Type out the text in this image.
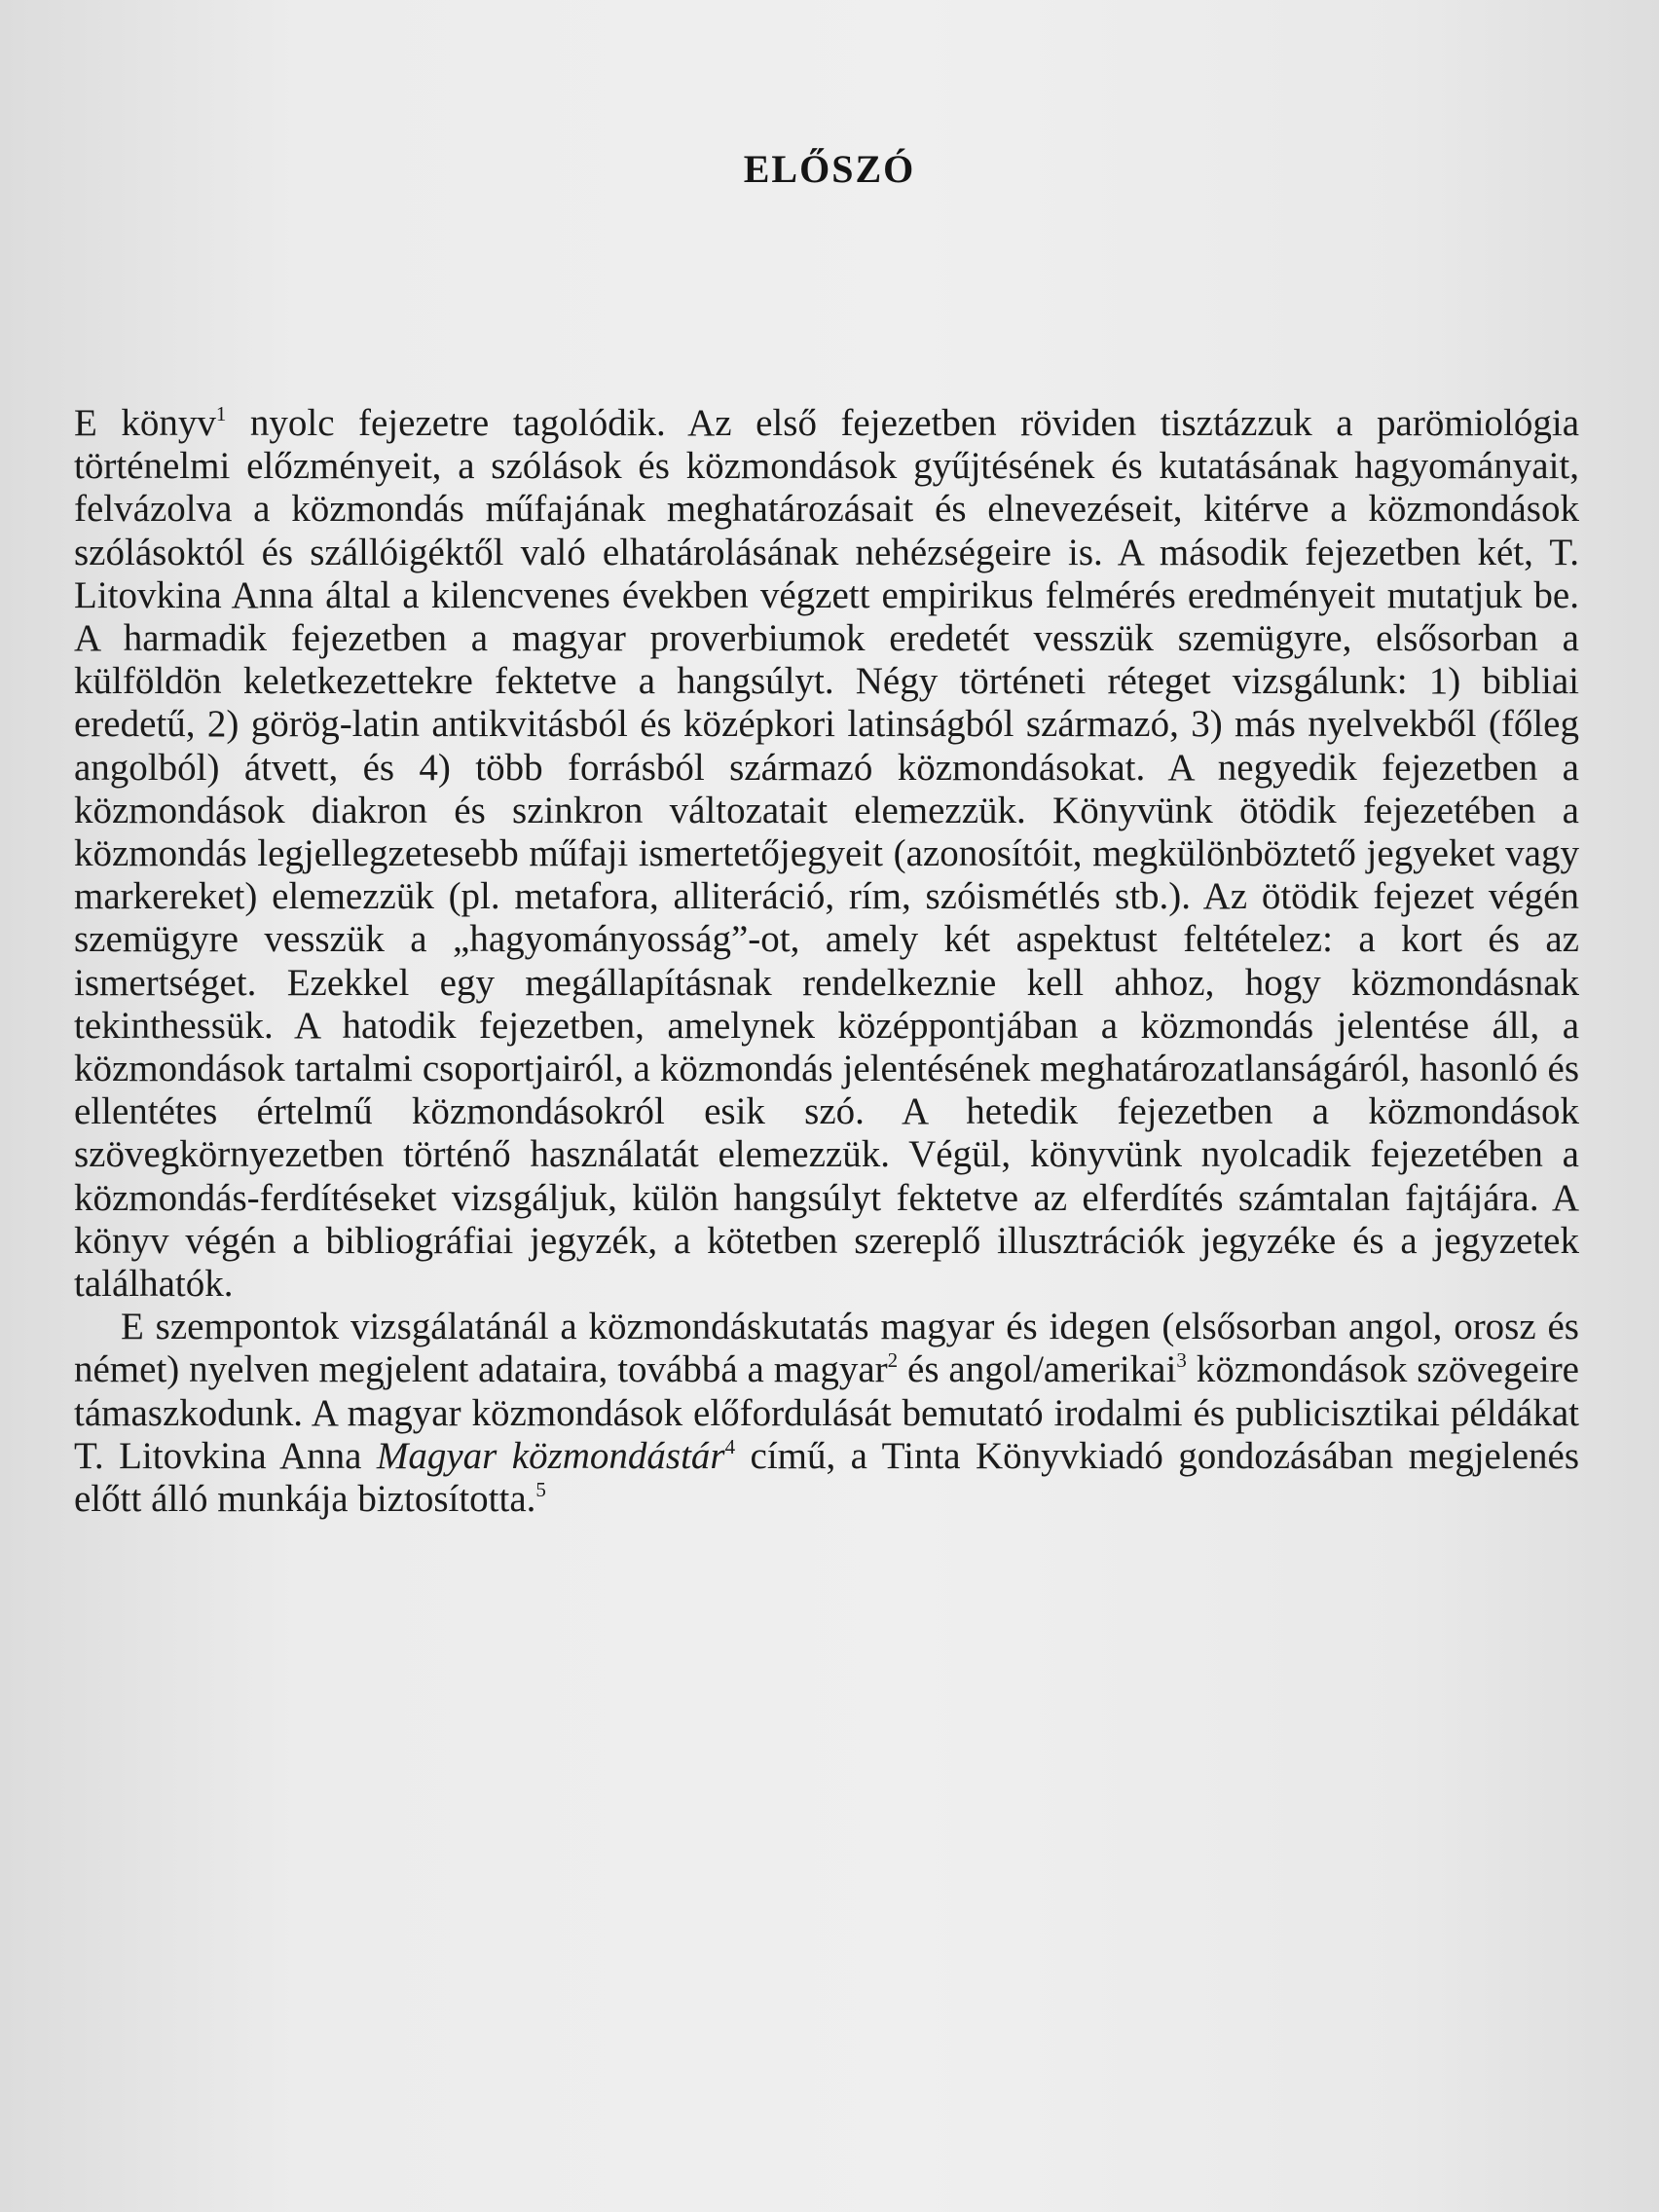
ELŐSZÓ

E könyv$^1$ nyolc fejezetre tagolódik. Az első fejezetben röviden tisztázzuk a parömiológia történelmi előzményeit, a szólások és közmondások gyűjtésének és kutatásának hagyományait, felvázolva a közmondás műfajának meghatározásait és elnevezéseit, kitérve a közmondások szólásoktól és szállóigéktől való elhatárolásának nehézségeire is. A második fejezetben két, T. Litovkina Anna által a kilencvenes években végzett empirikus felmérés eredményeit mutatjuk be. A harmadik fejezetben a magyar proverbiumok eredetét vesszük szemügyre, elsősorban a külföldön keletkezettekre fektetve a hangsúlyt. Négy történeti réteget vizsgálunk: 1) bibliai eredetű, 2) görög-latin antikvitásból és középkori latinságból származó, 3) más nyelvekből (főleg angolból) átvett, és 4) több forrásból származó közmondásokat. A negyedik fejezetben a közmondások diakron és szinkron változatait elemezzük. Könyvünk ötödik fejezetében a közmondás legjellegzetesebb műfaji ismertetőjegyeit (azonosítóit, megkülönböztető jegyeket vagy markereket) elemezzük (pl. metafora, alliteráció, rím, szóismétlés stb.). Az ötödik fejezet végén szemügyre vesszük a „hagyományosság”-ot, amely két aspektust feltételez: a kort és az ismertséget. Ezekkel egy megállapításnak rendelkeznie kell ahhoz, hogy közmondásnak tekinthessük. A hatodik fejezetben, amelynek középpontjában a közmondás jelentése áll, a közmondások tartalmi csoportjairól, a közmondás jelentésének meghatározatlanságáról, hasonló és ellentétes értelmű közmondásokról esik szó. A hetedik fejezetben a közmondások szövegkörnyezetben történő használatát elemezzük. Végül, könyvünk nyolcadik fejezetében a közmondás-ferdítéseket vizsgáljuk, külön hangsúlyt fektetve az elferdítés számtalan fajtájára. A könyv végén a bibliográfiai jegyzék, a kötetben szereplő illusztrációk jegyzéke és a jegyzetek találhatók.

E szempontok vizsgálatánál a közmondáskutatás magyar és idegen (elsősorban angol, orosz és német) nyelven megjelent adataira, továbbá a magyar$^2$ és angol/amerikai$^3$ közmondások szövegeire támaszkodunk. A magyar közmondások előfordulását bemutató irodalmi és publicisztikai példákat T. Litovkina Anna Magyar közmondástár$^4$ című, a Tinta Könyvkiadó gondozásában megjelenés előtt álló munkája biztosította.$^5$
